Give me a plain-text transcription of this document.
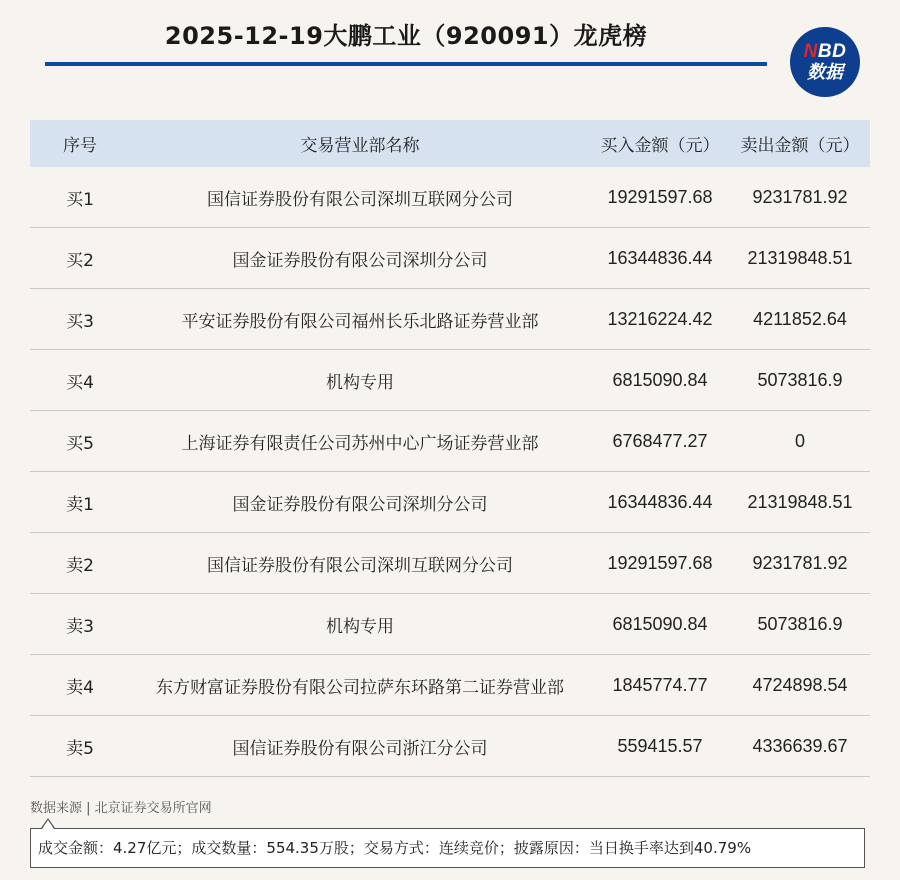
2025-12-19大鹏工业（920091）龙虎榜
NBD
数据
序号	交易营业部名称	买入金额（元）	卖出金额（元）
买1	国信证券股份有限公司深圳互联网分公司	19291597.68	9231781.92
买2	国金证券股份有限公司深圳分公司	16344836.44	21319848.51
买3	平安证券股份有限公司福州长乐北路证券营业部	13216224.42	4211852.64
买4	机构专用	6815090.84	5073816.9
买5	上海证券有限责任公司苏州中心广场证券营业部	6768477.27	0
卖1	国金证券股份有限公司深圳分公司	16344836.44	21319848.51
卖2	国信证券股份有限公司深圳互联网分公司	19291597.68	9231781.92
卖3	机构专用	6815090.84	5073816.9
卖4	东方财富证券股份有限公司拉萨东环路第二证券营业部	1845774.77	4724898.54
卖5	国信证券股份有限公司浙江分公司	559415.57	4336639.67
数据来源 | 北京证券交易所官网
成交金额：4.27亿元；成交数量：554.35万股；交易方式：连续竞价；披露原因：当日换手率达到40.79%
